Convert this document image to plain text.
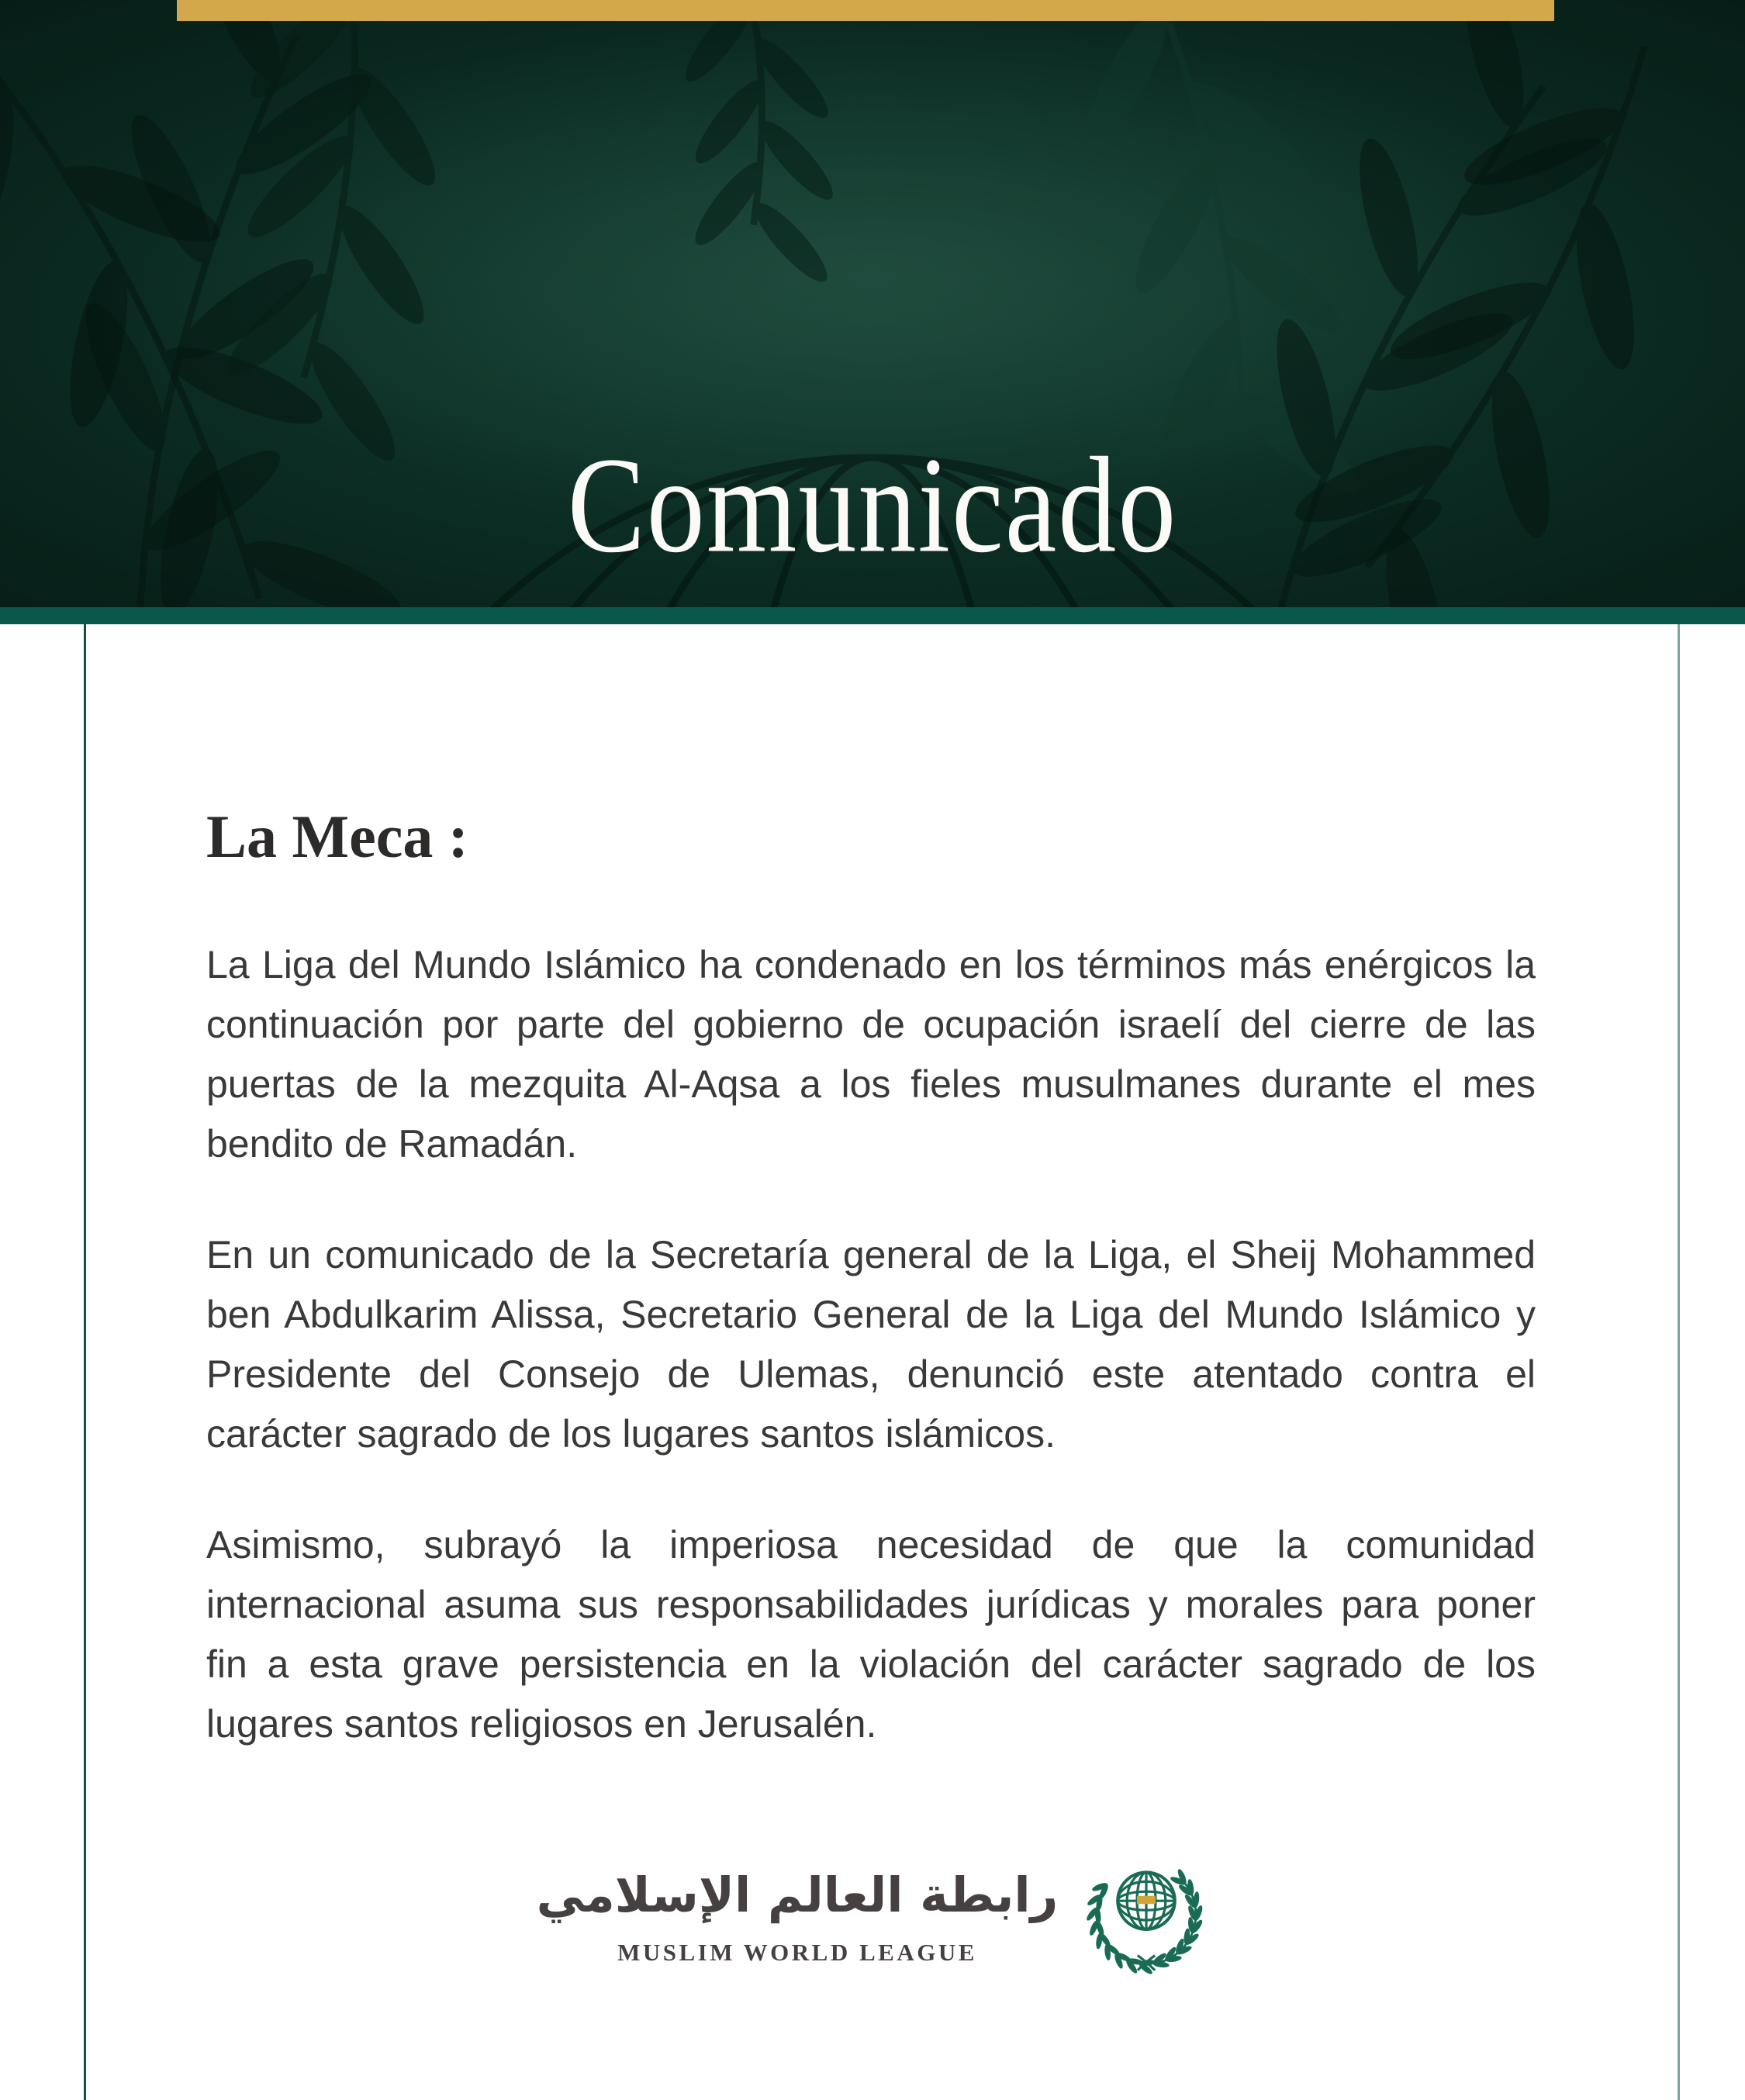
Comunicado
La Meca :

La Liga del Mundo Islámico ha condenado en los términos más enérgicos la
continuación por parte del gobierno de ocupación israelí del cierre de las
puertas de la mezquita Al-Aqsa a los fieles musulmanes durante el mes
bendito de Ramadán.

En un comunicado de la Secretaría general de la Liga, el Sheij Mohammed
ben Abdulkarim Alissa, Secretario General de la Liga del Mundo Islámico y
Presidente del Consejo de Ulemas, denunció este atentado contra el
carácter sagrado de los lugares santos islámicos.

Asimismo, subrayó la imperiosa necesidad de que la comunidad
internacional asuma sus responsabilidades jurídicas y morales para poner
fin a esta grave persistencia en la violación del carácter sagrado de los
lugares santos religiosos en Jerusalén.

رابطة العالم الإسلامي
MUSLIM WORLD LEAGUE
